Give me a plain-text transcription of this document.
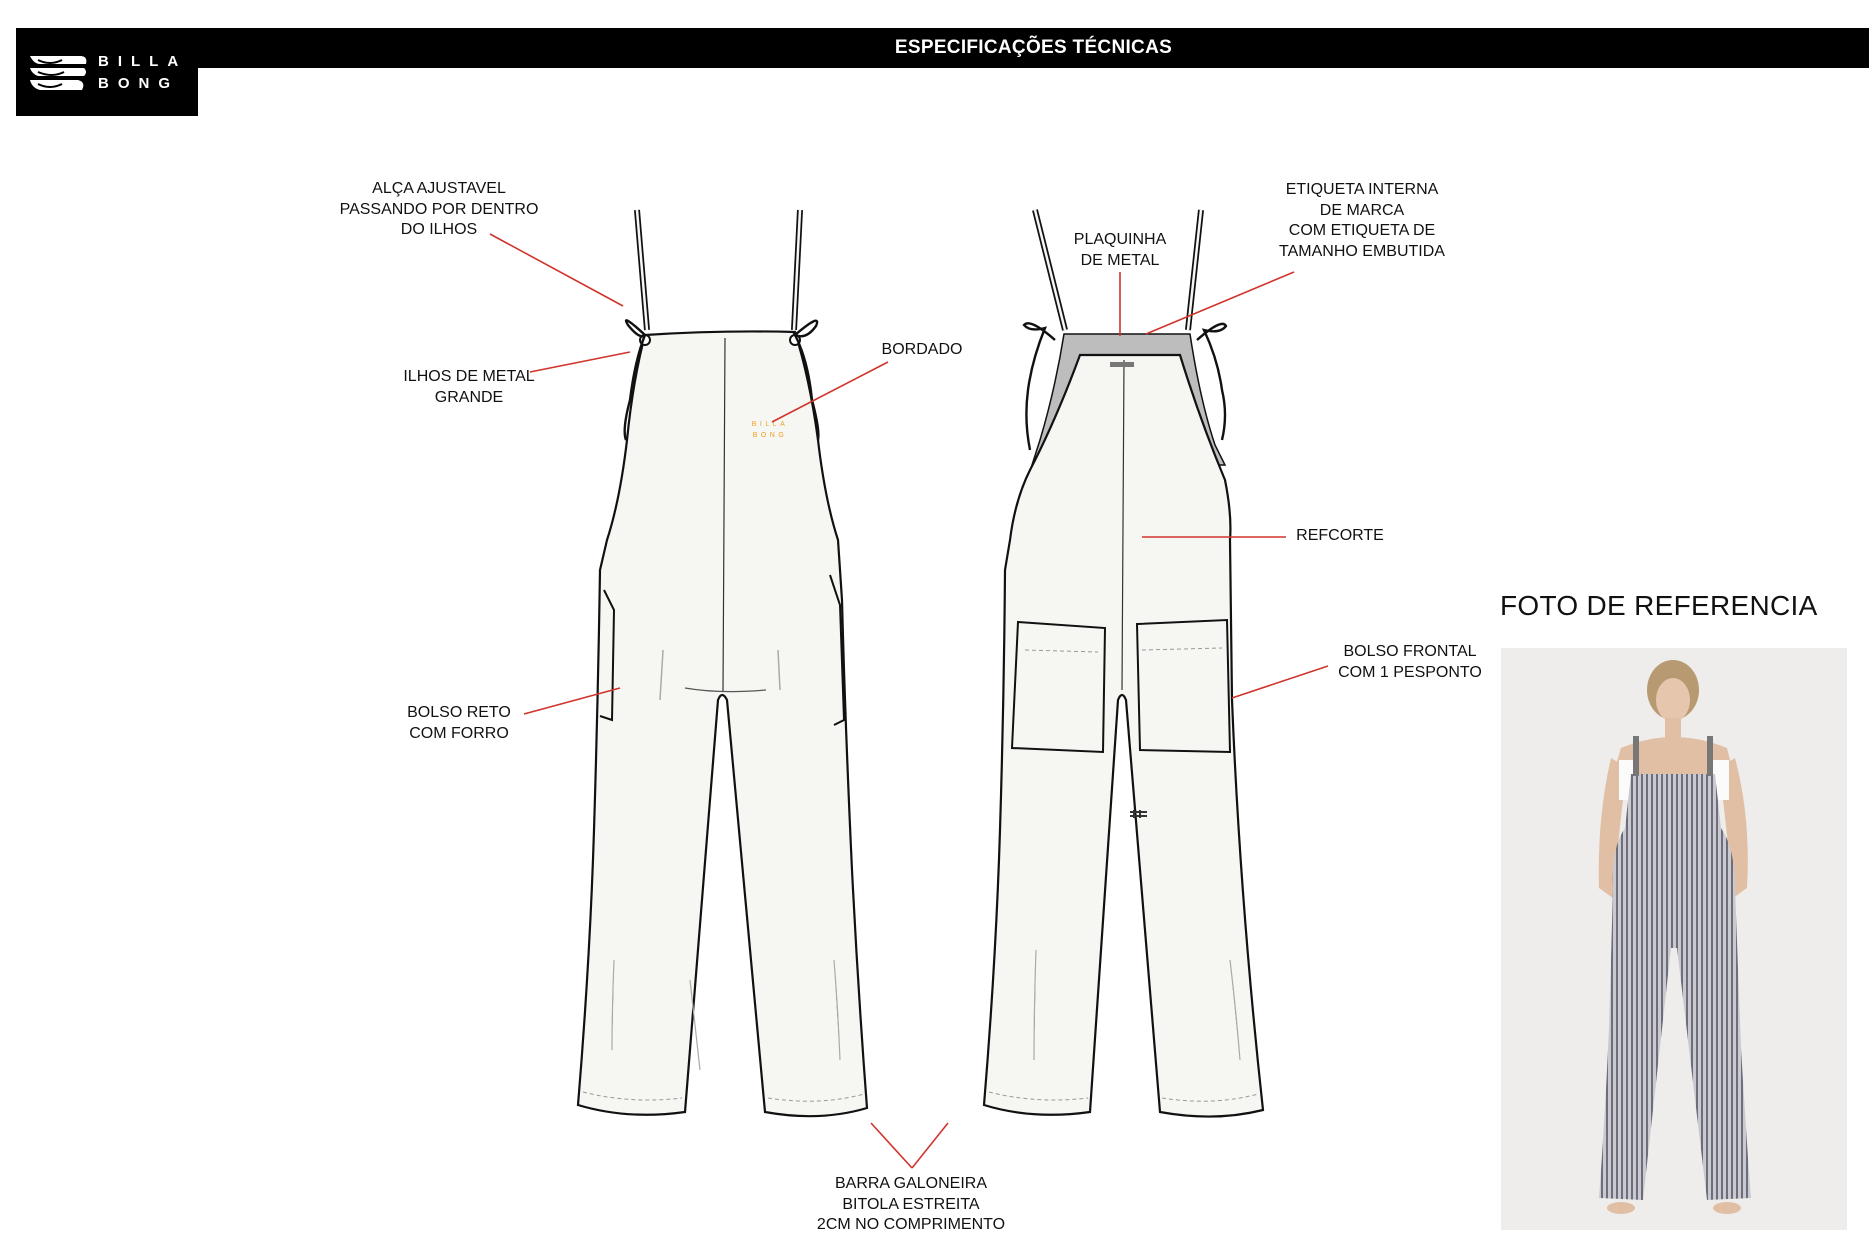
BILLA
BONG
ESPECIFICAÇÕES TÉCNICAS
BILLA
BONG
ALÇA AJUSTAVEL
PASSANDO POR DENTRO
DO ILHOS
ILHOS DE METAL
GRANDE
BORDADO
BOLSO RETO
COM FORRO
PLAQUINHA
DE METAL
ETIQUETA INTERNA
DE MARCA
COM ETIQUETA DE
TAMANHO EMBUTIDA
REFCORTE
BOLSO FRONTAL
COM 1 PESPONTO
BARRA GALONEIRA
BITOLA ESTREITA
2CM NO COMPRIMENTO
FOTO DE REFERENCIA
